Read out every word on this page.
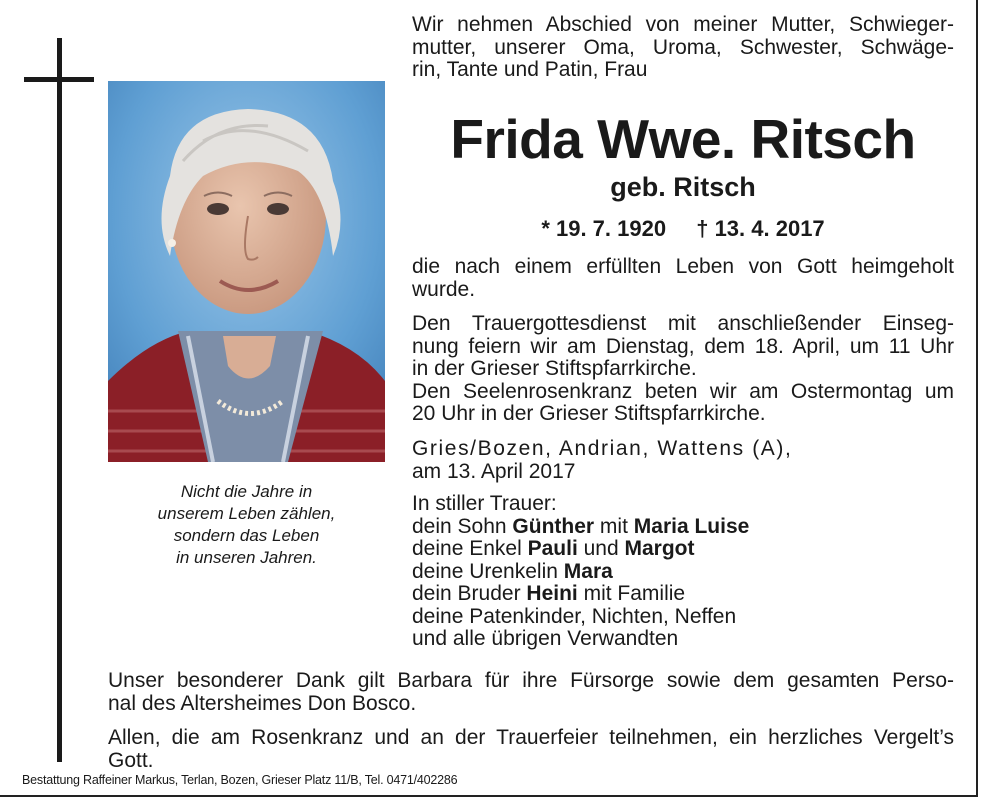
Nicht die Jahre in
unserem Leben zählen,
sondern das Leben
in unseren Jahren.
Wir nehmen Abschied von meiner Mutter, Schwieger-
mutter, unserer Oma, Uroma, Schwester, Schwäge-
rin, Tante und Patin, Frau
Frida Wwe. Ritsch
geb. Ritsch
* 19. 7. 1920 † 13. 4. 2017
die nach einem erfüllten Leben von Gott heimgeholt
wurde.
Den Trauergottesdienst mit anschließender Einseg-
nung feiern wir am Dienstag, dem 18. April, um 11 Uhr
in der Grieser Stiftspfarrkirche.
Den Seelenrosenkranz beten wir am Ostermontag um
20 Uhr in der Grieser Stiftspfarrkirche.
Gries/Bozen, Andrian, Wattens (A),
am 13. April 2017
In stiller Trauer:
dein Sohn Günther mit Maria Luise
deine Enkel Pauli und Margot
deine Urenkelin Mara
dein Bruder Heini mit Familie
deine Patenkinder, Nichten, Neffen
und alle übrigen Verwandten
Unser besonderer Dank gilt Barbara für ihre Fürsorge sowie dem gesamten Perso-
nal des Altersheimes Don Bosco.
Allen, die am Rosenkranz und an der Trauerfeier teilnehmen, ein herzliches Vergelt’s
Gott.
Bestattung Raffeiner Markus, Terlan, Bozen, Grieser Platz 11/B, Tel. 0471/402286
